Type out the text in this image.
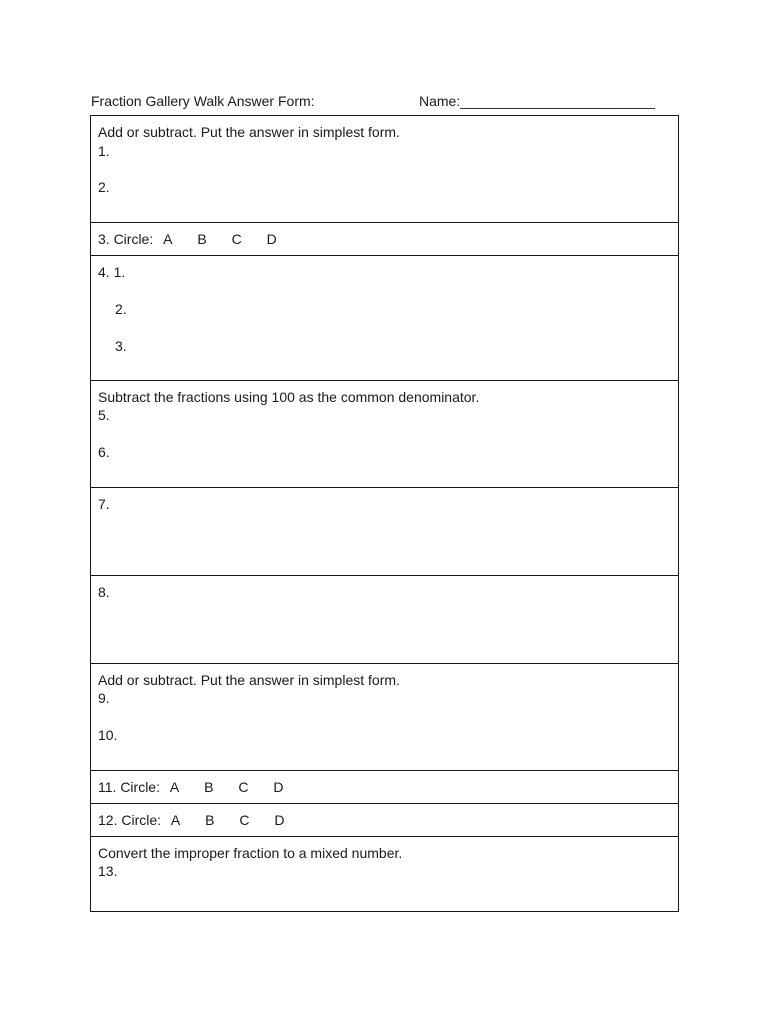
Fraction Gallery Walk Answer Form:	Name:_________________________
Add or subtract. Put the answer in simplest form.
1.
2.
3. Circle: A B C D
4. 1.
2.
3.
Subtract the fractions using 100 as the common denominator.
5.
6.
7.
8.
Add or subtract. Put the answer in simplest form.
9.
10.
11. Circle: A B C D
12. Circle: A B C D
Convert the improper fraction to a mixed number.
13.
